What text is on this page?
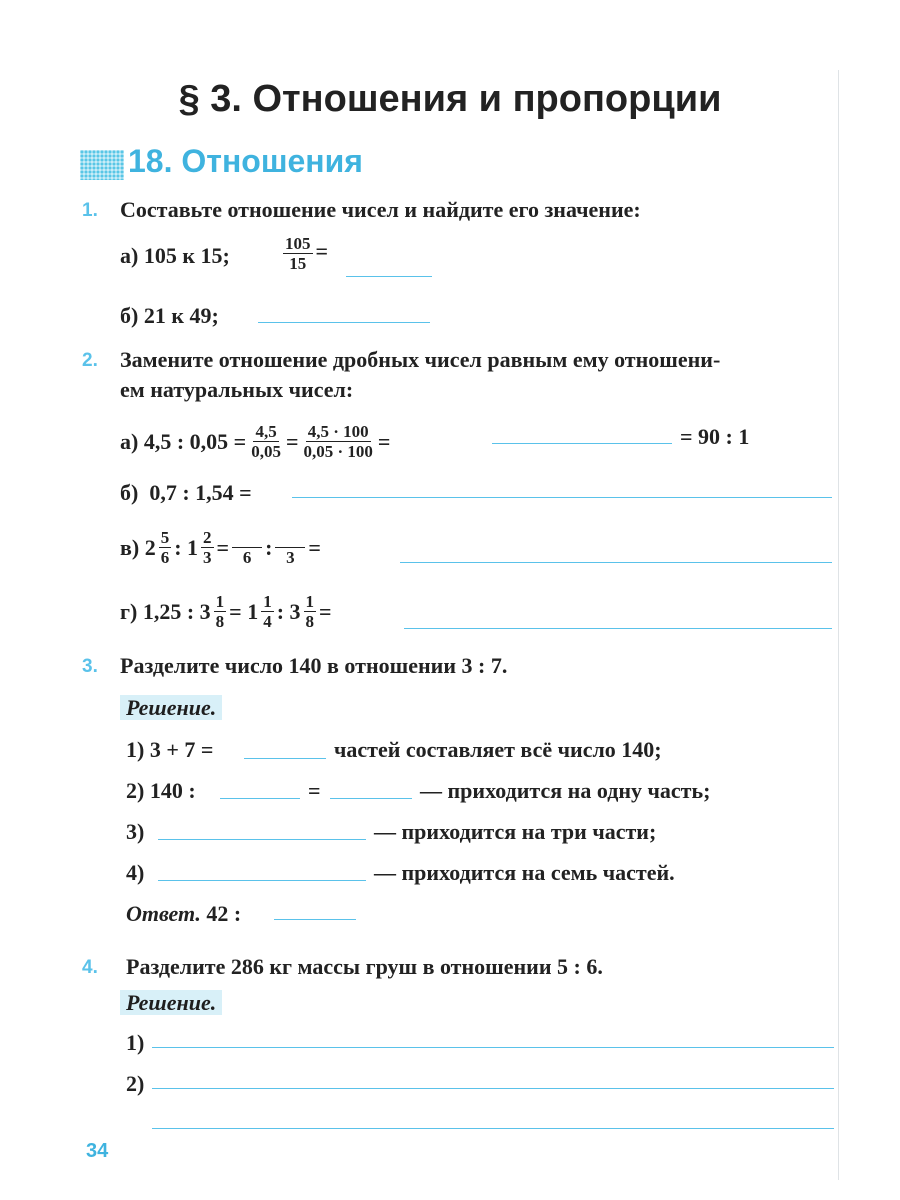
§ 3. Отношения и пропорции
18. Отношения
1. Составьте отношение чисел и найдите его значение:
а) 105 к 15;	$\frac{105}{15}$ =
б) 21 к 49;
2. Замените отношение дробных чисел равным ему отношени-
ем натуральных чисел:
а)
4,5 : $0,05 = \frac{4,5}{0,05} = \frac{4,5 \cdot 100}{0,05 \cdot 100}$ =	= 90 : 1
б) 0,7 : 1,54 =
в)
$2 \frac{5}{6}$ :
$1 \frac{2}{3} = 6$ : 3 =
г)
1,25 : $3 \frac{1}{8} = 1 \frac{1}{4}$ : $3 \frac{1}{8}$ =
3. Разделите число 140 в отношении 3 : 7.
Решение.
1) 3 + 7 =	частей составляет всё число 140;
2) 140 :	=	— приходится на одну часть;
3)	— приходится на три части;
4)	— приходится на семь частей.
Ответ. 42 :
4. Разделите 286 кг массы груш в отношении 5 : 6.
Решение.
1)
2)
34
